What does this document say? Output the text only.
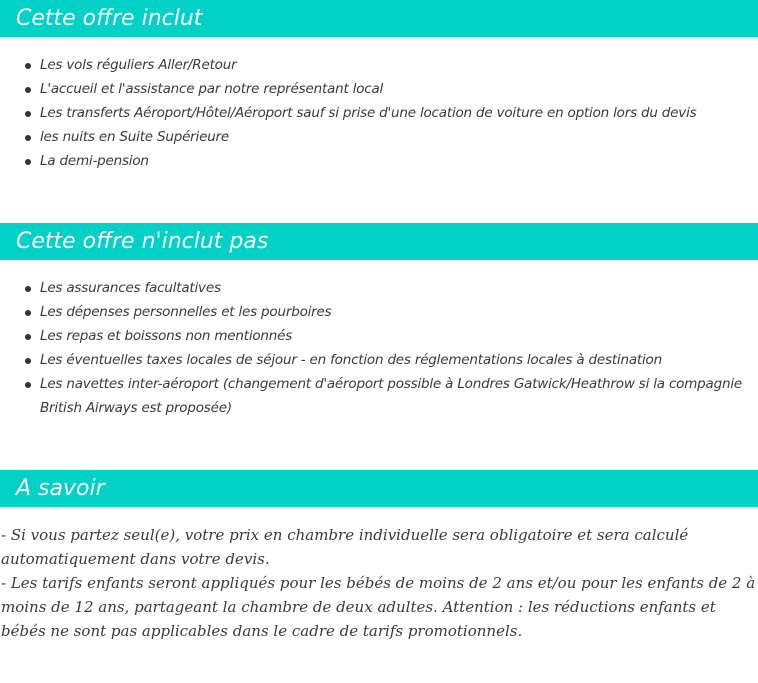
Cette offre inclut
Les vols réguliers Aller/Retour
L'accueil et l'assistance par notre représentant local
Les transferts Aéroport/Hôtel/Aéroport sauf si prise d'une location de voiture en option lors du devis
les nuits en Suite Supérieure
La demi-pension
Cette offre n'inclut pas
Les assurances facultatives
Les dépenses personnelles et les pourboires
Les repas et boissons non mentionnés
Les éventuelles taxes locales de séjour - en fonction des réglementations locales à destination
Les navettes inter-aéroport (changement d'aéroport possible à Londres Gatwick/Heathrow si la compagnie British Airways est proposée)
A savoir

- Si vous partez seul(e), votre prix en chambre individuelle sera obligatoire et sera calculé automatiquement dans votre devis.

- Les tarifs enfants seront appliqués pour les bébés de moins de 2 ans et/ou pour les enfants de 2 à moins de 12 ans, partageant la chambre de deux adultes. Attention : les réductions enfants et bébés ne sont pas applicables dans le cadre de tarifs promotionnels.
